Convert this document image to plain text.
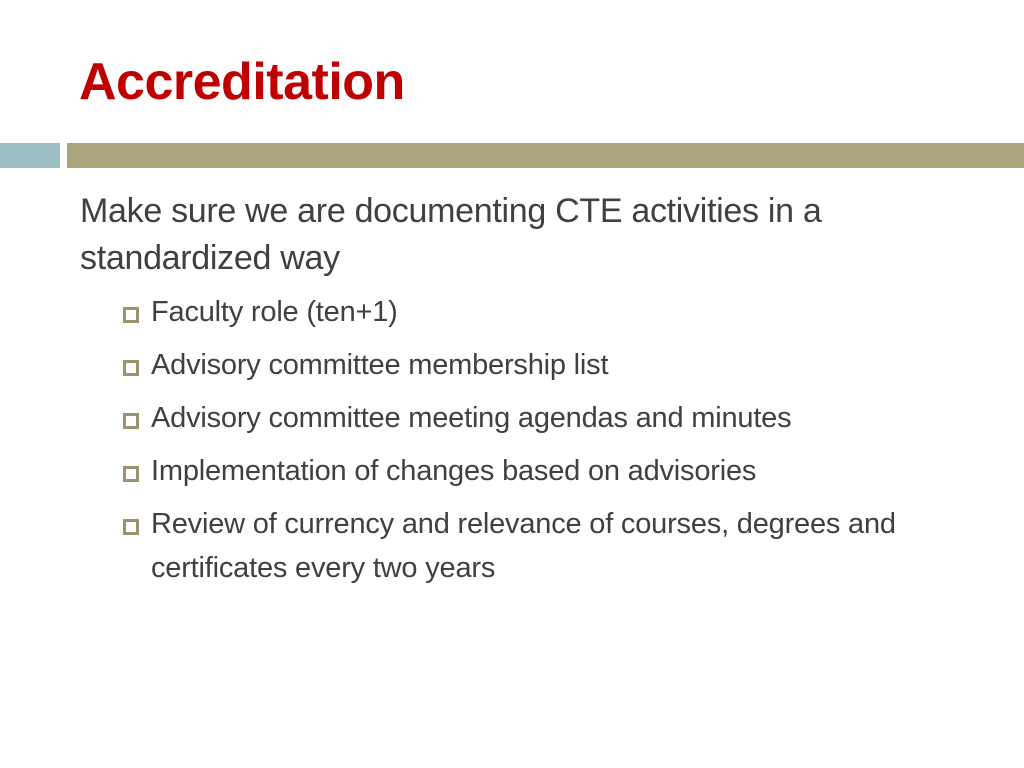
Accreditation

Make sure we are documenting CTE activities in a standardized way

Faculty role (ten+1)
Advisory committee membership list
Advisory committee meeting agendas and minutes
Implementation of changes based on advisories
Review of currency and relevance of courses, degrees and certificates every two years
